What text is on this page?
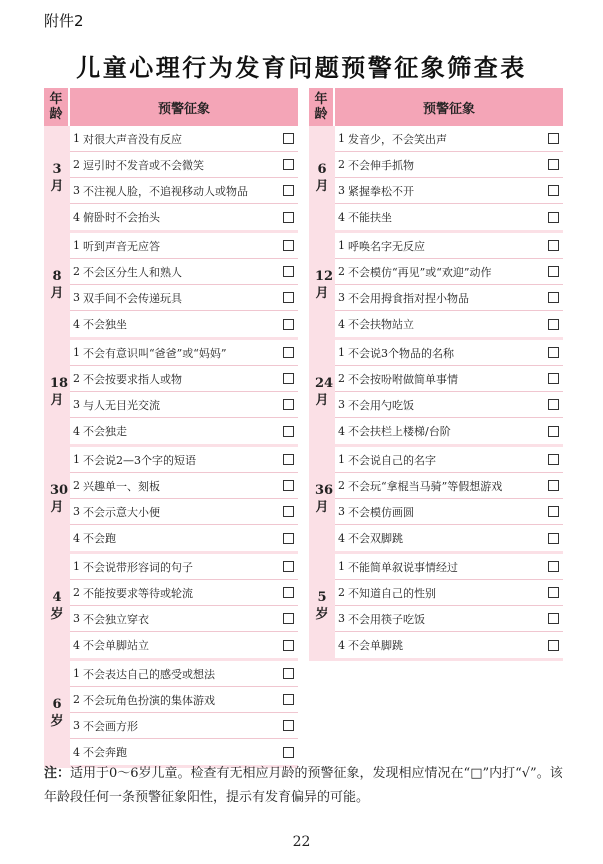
附件2
儿童心理行为发育问题预警征象筛查表
年龄	预警征象
3月
1 对很大声音没有反应
2 逗引时不发音或不会微笑
3 不注视人脸，不追视移动人或物品
4 俯卧时不会抬头
8月
1 听到声音无应答
2 不会区分生人和熟人
3 双手间不会传递玩具
4 不会独坐
18月
1 不会有意识叫“爸爸”或“妈妈”
2 不会按要求指人或物
3 与人无目光交流
4 不会独走
30月
1 不会说2—3个字的短语
2 兴趣单一、刻板
3 不会示意大小便
4 不会跑
4岁
1 不会说带形容词的句子
2 不能按要求等待或轮流
3 不会独立穿衣
4 不会单脚站立
6岁
1 不会表达自己的感受或想法
2 不会玩角色扮演的集体游戏
3 不会画方形
4 不会奔跑
年龄	预警征象
6月
1 发音少，不会笑出声
2 不会伸手抓物
3 紧握拳松不开
4 不能扶坐
12月
1 呼唤名字无反应
2 不会模仿“再见”或“欢迎”动作
3 不会用拇食指对捏小物品
4 不会扶物站立
24月
1 不会说3个物品的名称
2 不会按吩咐做简单事情
3 不会用勺吃饭
4 不会扶栏上楼梯/台阶
36月
1 不会说自己的名字
2 不会玩“拿棍当马骑”等假想游戏
3 不会模仿画圆
4 不会双脚跳
5岁
1 不能简单叙说事情经过
2 不知道自己的性别
3 不会用筷子吃饭
4 不会单脚跳
注：适用于0～6岁儿童。检查有无相应月龄的预警征象，发现相应情况在“□”内打“√”。该年龄段任何一条预警征象阳性，提示有发育偏异的可能。
22
